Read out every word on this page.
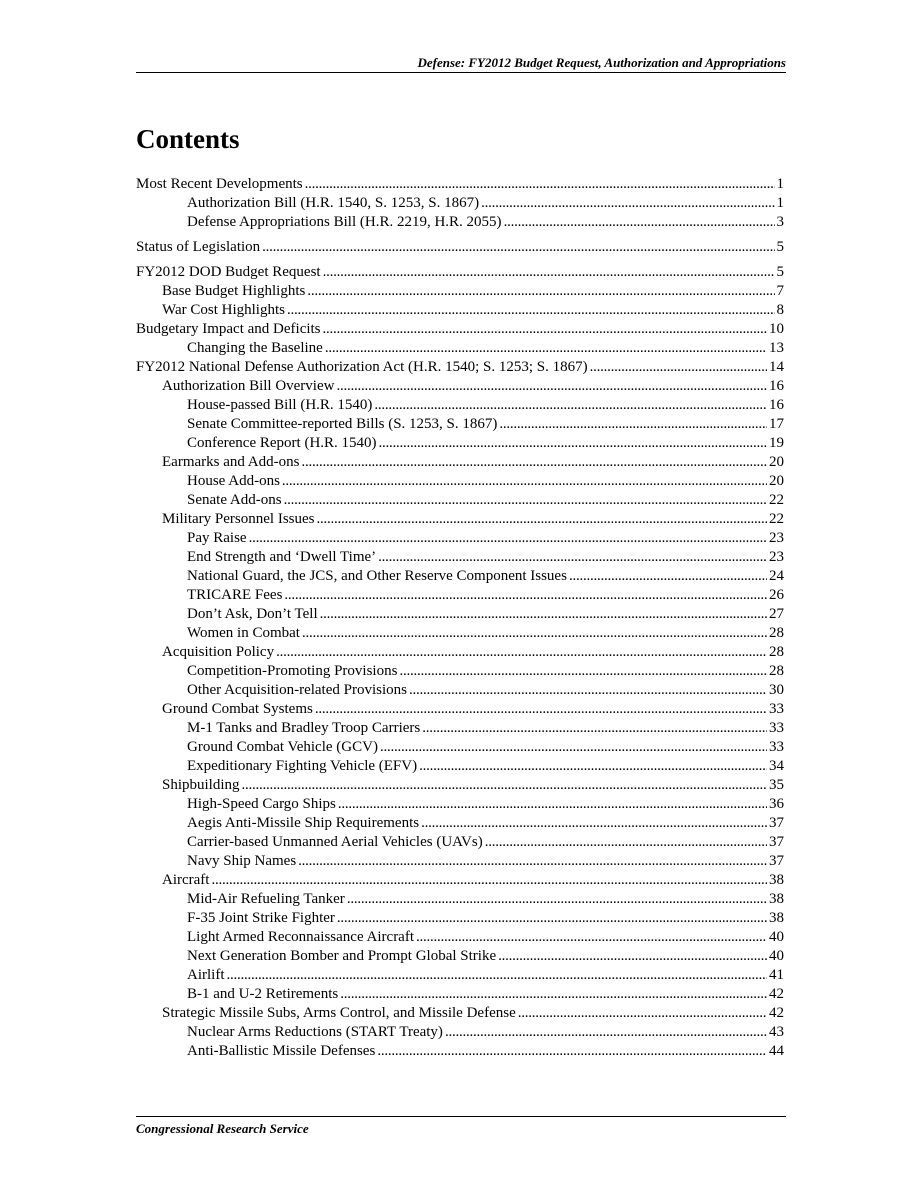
Defense: FY2012 Budget Request, Authorization and Appropriations
Contents
Most Recent Developments . . .	1
Authorization Bill (H.R. 1540, S. 1253, S. 1867) . . .	1
Defense Appropriations Bill (H.R. 2219, H.R. 2055) . . .	3
Status of Legislation . . .	5
FY2012 DOD Budget Request . . .	5
Base Budget Highlights . . .	7
War Cost Highlights . . .	8
Budgetary Impact and Deficits . . .	10
Changing the Baseline . . .	13
FY2012 National Defense Authorization Act (H.R. 1540; S. 1253; S. 1867) . . .	14
Authorization Bill Overview . . .	16
House-passed Bill (H.R. 1540) . . .	16
Senate Committee-reported Bills (S. 1253, S. 1867) . . .	17
Conference Report (H.R. 1540) . . .	19
Earmarks and Add-ons . . .	20
House Add-ons . . .	20
Senate Add-ons . . .	22
Military Personnel Issues . . .	22
Pay Raise . . .	23
End Strength and ‘Dwell Time’ . . .	23
National Guard, the JCS, and Other Reserve Component Issues . . .	24
TRICARE Fees . . .	26
Don’t Ask, Don’t Tell . . .	27
Women in Combat . . .	28
Acquisition Policy . . .	28
Competition-Promoting Provisions . . .	28
Other Acquisition-related Provisions . . .	30
Ground Combat Systems . . .	33
M-1 Tanks and Bradley Troop Carriers . . .	33
Ground Combat Vehicle (GCV) . . .	33
Expeditionary Fighting Vehicle (EFV) . . .	34
Shipbuilding . . .	35
High-Speed Cargo Ships . . .	36
Aegis Anti-Missile Ship Requirements . . .	37
Carrier-based Unmanned Aerial Vehicles (UAVs) . . .	37
Navy Ship Names . . .	37
Aircraft . . .	38
Mid-Air Refueling Tanker . . .	38
F-35 Joint Strike Fighter . . .	38
Light Armed Reconnaissance Aircraft . . .	40
Next Generation Bomber and Prompt Global Strike . . .	40
Airlift . . .	41
B-1 and U-2 Retirements . . .	42
Strategic Missile Subs, Arms Control, and Missile Defense . . .	42
Nuclear Arms Reductions (START Treaty) . . .	43
Anti-Ballistic Missile Defenses . . .	44
Congressional Research Service
